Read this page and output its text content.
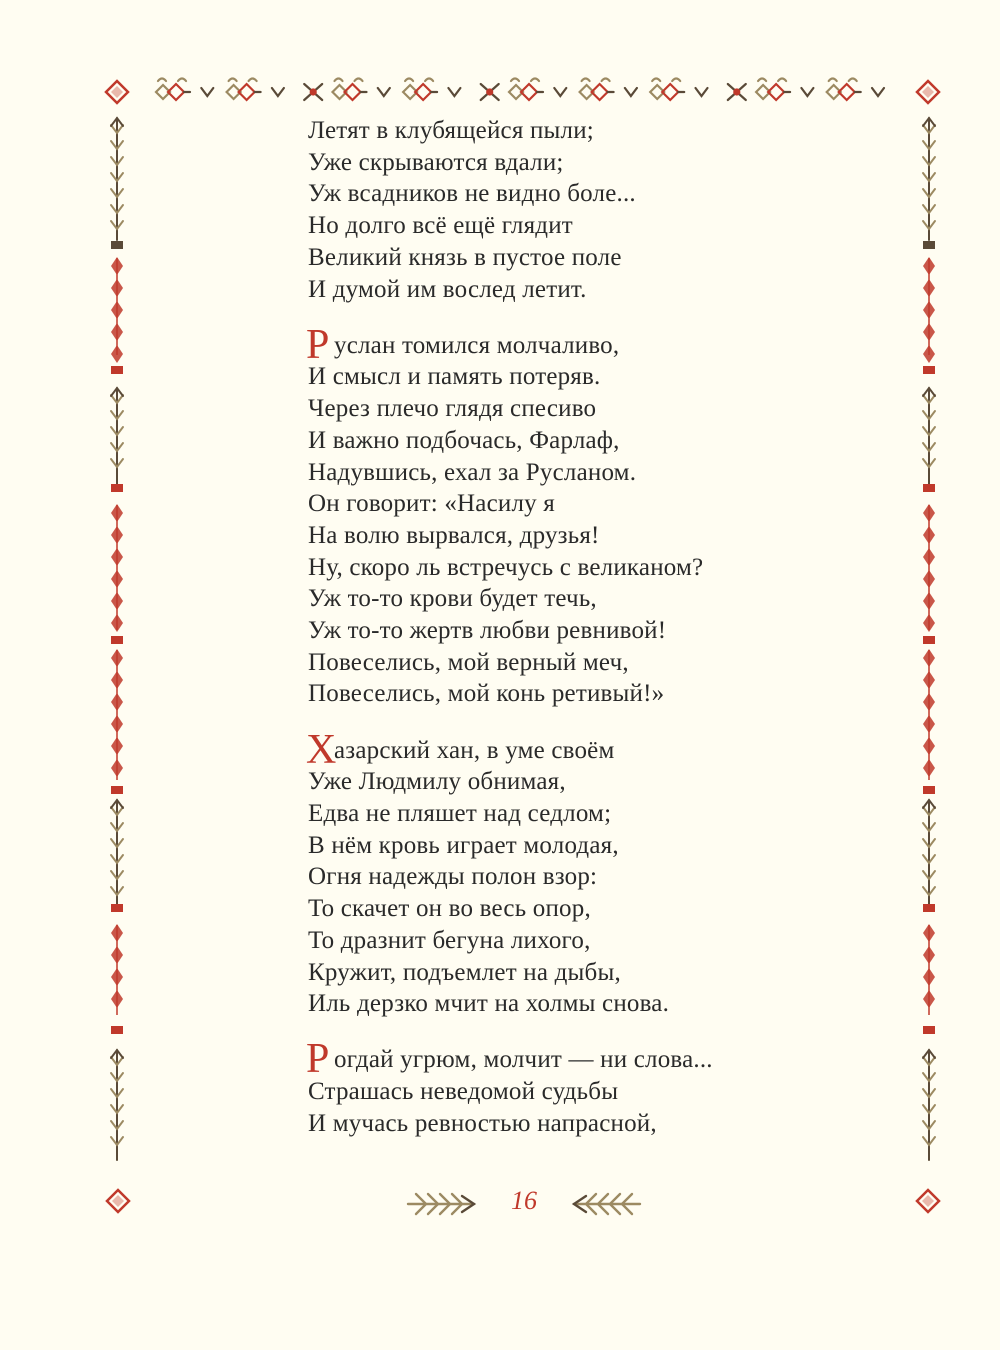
Летят в клубящейся пыли;
Уже скрываются вдали;
Уж всадников не видно боле...
Но долго всё ещё глядит
Великий князь в пустое поле
И думой им вослед летит.
Р услан томился молчаливо,
И смысл и память потеряв.
Через плечо глядя спесиво
И важно подбочась, Фарлаф,
Надувшись, ехал за Русланом.
Он говорит: «Насилу я
На волю вырвался, друзья!
Ну, скоро ль встречусь с великаном?
Уж то-то крови будет течь,
Уж то-то жертв любви ревнивой!
Повеселись, мой верный меч,
Повеселись, мой конь ретивый!»
Х
азарский хан, в уме своём
Уже Людмилу обнимая,
Едва не пляшет над седлом;
В нём кровь играет молодая,
Огня надежды полон взор:
То скачет он во весь опор,
То дразнит бегуна лихого,
Кружит, подъемлет на дыбы,
Иль дерзко мчит на холмы снова.
Р огдай угрюм, молчит — ни слова...
Страшась неведомой судьбы
И мучась ревностью напрасной,
16
